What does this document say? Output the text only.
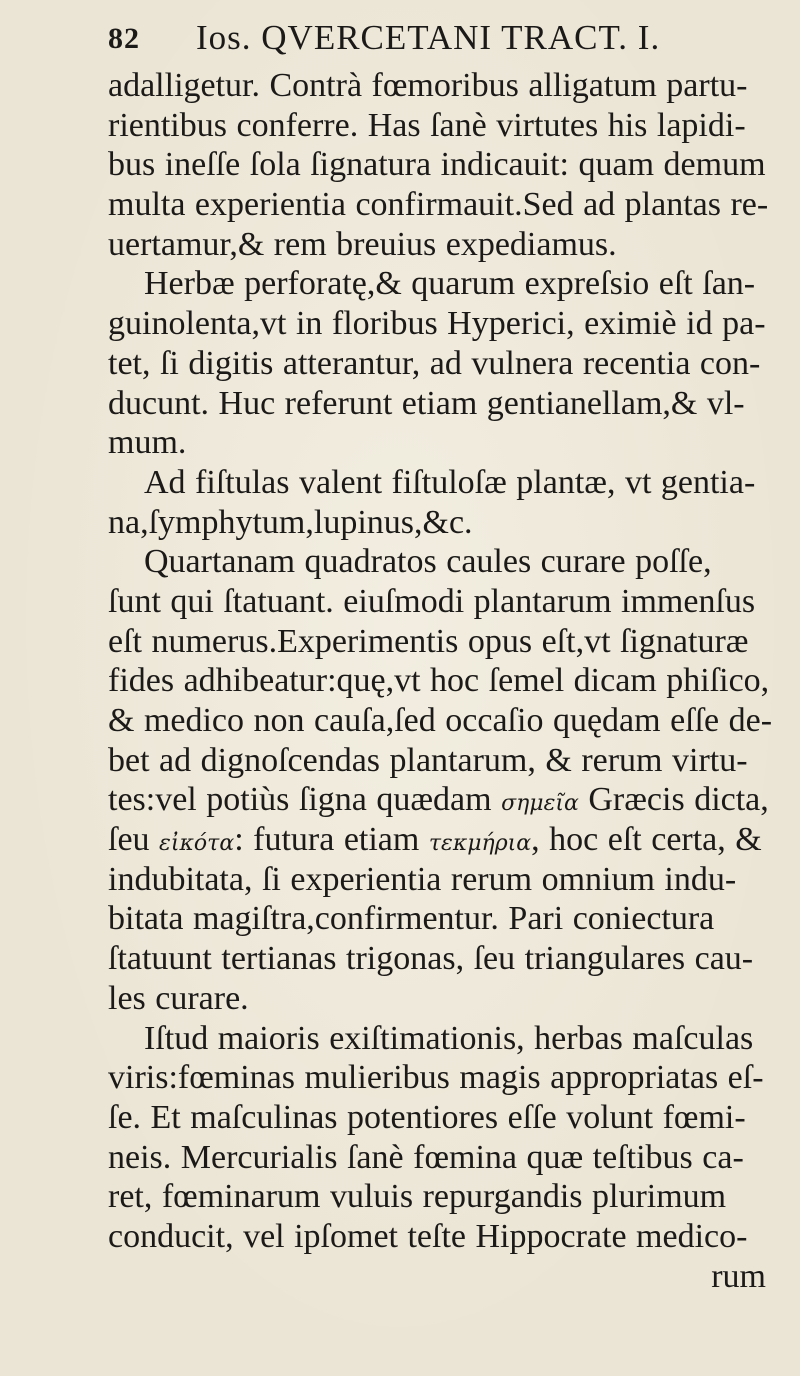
82 Ios. QVERCETANI TRACT. I.
adalligetur. Contrà fœmoribus alligatum partu-
rientibus conferre. Has ſanè virtutes his lapidi-
bus ineſſe ſola ſignatura indicauit: quam demum
multa experientia confirmauit.Sed ad plantas re-
uertamur,& rem breuius expediamus.
Herbæ perforatę,& quarum expreſsio eſt ſan-
guinolenta,vt in floribus Hyperici, eximiè id pa-
tet, ſi digitis atterantur, ad vulnera recentia con-
ducunt. Huc referunt etiam gentianellam,& vl-
mum.
Ad fiſtulas valent fiſtuloſæ plantæ, vt gentia-
na,ſymphytum,lupinus,&c.
Quartanam quadratos caules curare poſſe,
ſunt qui ſtatuant. eiuſmodi plantarum immenſus
eſt numerus.Experimentis opus eſt,vt ſignaturæ
fides adhibeatur:quę,vt hoc ſemel dicam phiſico,
& medico non cauſa,ſed occaſio quędam eſſe de-
bet ad dignoſcendas plantarum, & rerum virtu-
tes:vel potiùs ſigna quædam σημεῖα Græcis dicta,
ſeu εἰκότα: futura etiam τεκμήρια, hoc eſt certa, &
indubitata, ſi experientia rerum omnium indu-
bitata magiſtra,confirmentur. Pari coniectura
ſtatuunt tertianas trigonas, ſeu triangulares cau-
les curare.
Iſtud maioris exiſtimationis, herbas maſculas
viris:fœminas mulieribus magis appropriatas eſ-
ſe. Et maſculinas potentiores eſſe volunt fœmi-
neis. Mercurialis ſanè fœmina quæ teſtibus ca-
ret, fœminarum vuluis repurgandis plurimum
conducit, vel ipſomet teſte Hippocrate medico-
rum
